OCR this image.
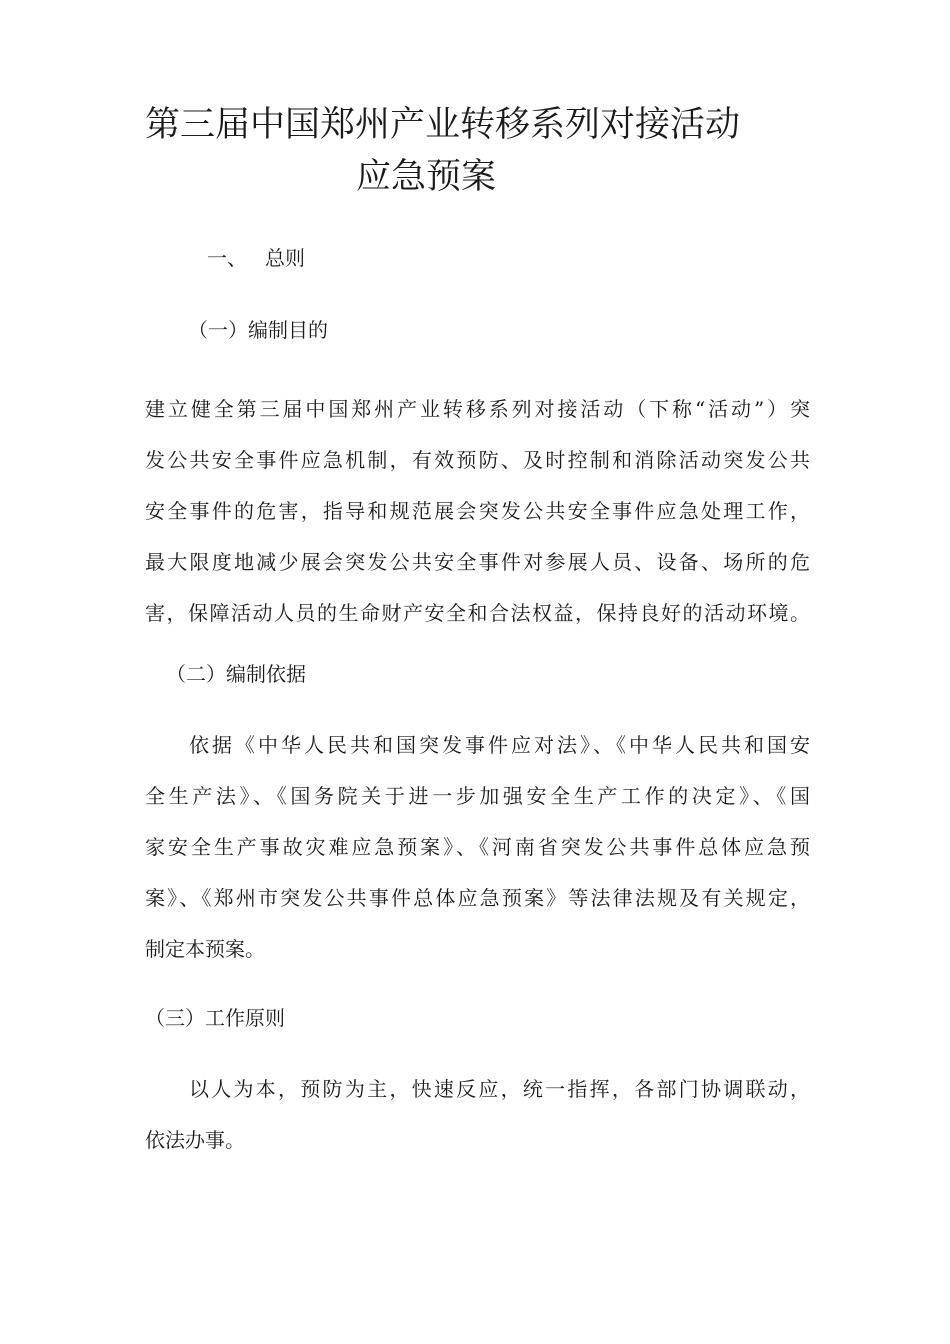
第三届中国郑州产业转移系列对接活动
应急预案
一、 总则
（一）编制目的
建立健全第三届中国郑州产业转移系列对接活动（下称“活动”）突
发公共安全事件应急机制，有效预防、及时控制和消除活动突发公共
安全事件的危害，指导和规范展会突发公共安全事件应急处理工作，
最大限度地减少展会突发公共安全事件对参展人员、设备、场所的危
害，保障活动人员的生命财产安全和合法权益，保持良好的活动环境。
（二）编制依据
依据《中华人民共和国突发事件应对法》、《中华人民共和国安
全生产法》、《国务院关于进一步加强安全生产工作的决定》、《国
家安全生产事故灾难应急预案》、《河南省突发公共事件总体应急预
案》、《郑州市突发公共事件总体应急预案》等法律法规及有关规定，
制定本预案。
（三）工作原则
以人为本，预防为主，快速反应，统一指挥，各部门协调联动，
依法办事。
